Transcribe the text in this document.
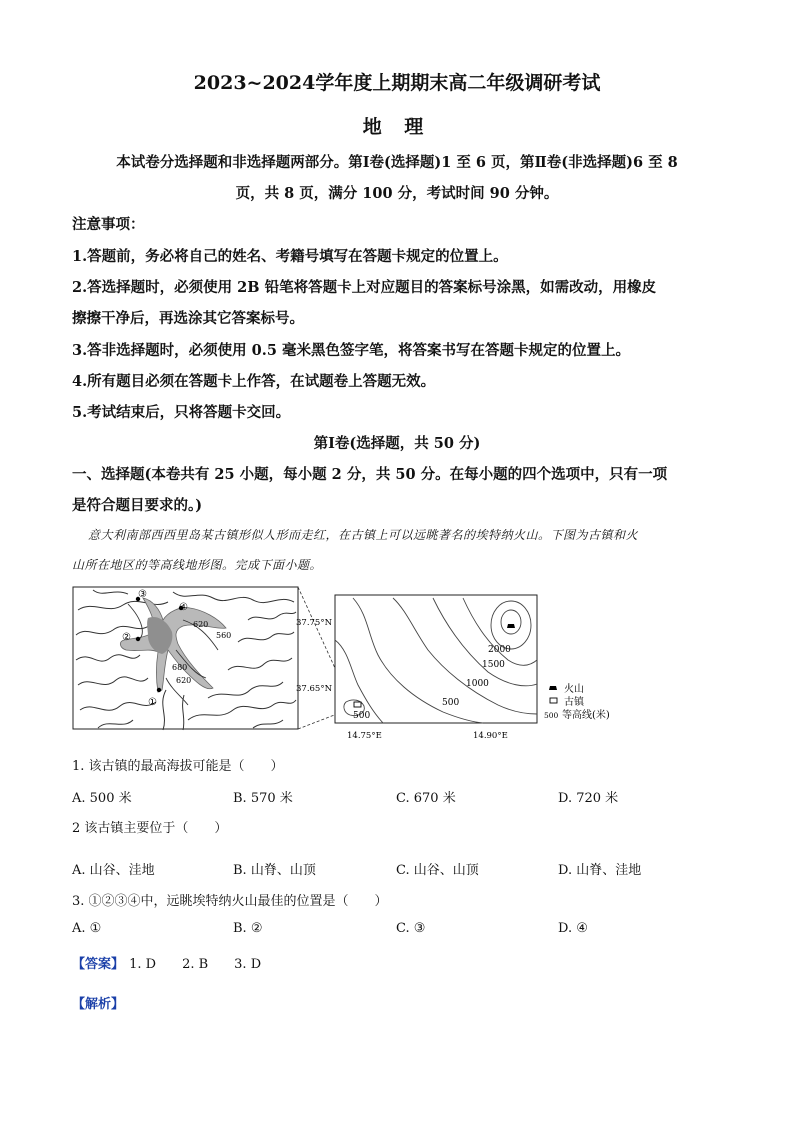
2023~2024学年度上期期末高二年级调研考试
地 理
本试卷分选择题和非选择题两部分。第Ⅰ卷(选择题)1 至 6 页，第Ⅱ卷(非选择题)6 至 8
页，共 8 页，满分 100 分，考试时间 90 分钟。
注意事项：
1.答题前，务必将自己的姓名、考籍号填写在答题卡规定的位置上。
2.答选择题时，必须使用 2B 铅笔将答题卡上对应题目的答案标号涂黑，如需改动，用橡皮
擦擦干净后，再选涂其它答案标号。
3.答非选择题时，必须使用 0.5 毫米黑色签字笔，将答案书写在答题卡规定的位置上。
4.所有题目必须在答题卡上作答，在试题卷上答题无效。
5.考试结束后，只将答题卡交回。
第Ⅰ卷(选择题，共 50 分)
一、选择题(本卷共有 25 小题，每小题 2 分，共 50 分。在每小题的四个选项中，只有一项
是符合题目要求的。)
意大利南部西西里岛某古镇形似人形而走红，在古镇上可以远眺著名的埃特纳火山。下图为古镇和火
山所在地区的等高线地形图。完成下面小题。
620
560
680
620
①
②
③
④
2000
1500
1000
500
500
37.75°N
37.65°N
14.75°E	14.90°E
火山
古镇
500 等高线(米)
1. 该古镇的最高海拔可能是（　　）
A. 500 米	B. 570 米	C. 670 米	D. 720 米
2 该古镇主要位于（　　）
A. 山谷、洼地	B. 山脊、山顶	C. 山谷、山顶	D. 山脊、洼地
3. ①②③④中，远眺埃特纳火山最佳的位置是（　　）
A. ①	B. ②	C. ③	D. ④
【答案】 1. D　　2. B　　3. D
【解析】
